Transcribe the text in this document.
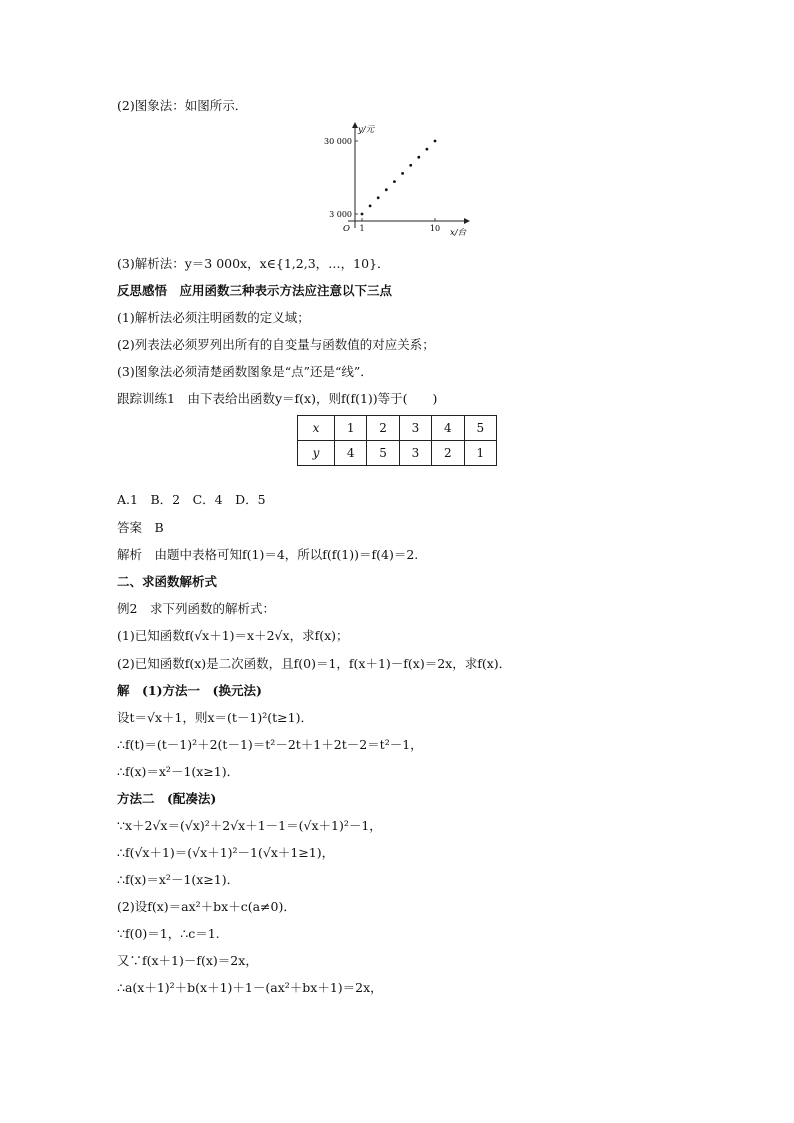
(2)图象法：如图所示．
y/元
x/台
O
30 000
3 000
1	10
(3)解析法：y＝3 000x，x∈{1,2,3，…，10}．
反思感悟　应用函数三种表示方法应注意以下三点
(1)解析法必须注明函数的定义域；
(2)列表法必须罗列出所有的自变量与函数值的对应关系；
(3)图象法必须清楚函数图象是“点”还是“线”．
跟踪训练1　由下表给出函数y＝f(x)，则f(f(1))等于(　　)
x	1	2	3	4	5
y	4	5	3	2	1
A.1　B．2　C．4　D．5
答案　B
解析　由题中表格可知f(1)＝4，所以f(f(1))＝f(4)＝2.
二、求函数解析式
例2　求下列函数的解析式：
(1)已知函数f(√x＋1)＝x＋2√x，求f(x)；
(2)已知函数f(x)是二次函数，且f(0)＝1，f(x＋1)－f(x)＝2x，求f(x)．
解　(1)方法一　(换元法)
设t＝√x＋1，则x＝(t－1)²(t≥1)．
∴f(t)＝(t－1)²＋2(t－1)＝t²－2t＋1＋2t－2＝t²－1，
∴f(x)＝x²－1(x≥1)．
方法二　(配凑法)
∵x＋2√x＝(√x)²＋2√x＋1－1＝(√x＋1)²－1，
∴f(√x＋1)＝(√x＋1)²－1(√x＋1≥1)，
∴f(x)＝x²－1(x≥1)．
(2)设f(x)＝ax²＋bx＋c(a≠0)．
∵f(0)＝1，∴c＝1.
又∵f(x＋1)－f(x)＝2x，
∴a(x＋1)²＋b(x＋1)＋1－(ax²＋bx＋1)＝2x，
